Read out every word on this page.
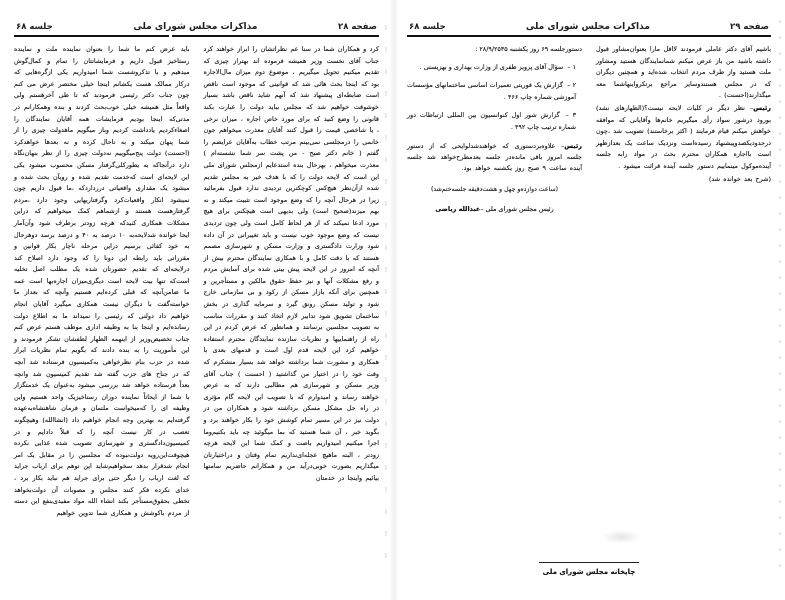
صفحه ۲۸
مذاکرات مجلس شورای ملی
جلسه ۶۸

کرد و همکاران شما در سنا عم نظراتشان را ابراز خواهند کرد جناب آقای نخست وزیر همیشه فرموده اند بهتراز چیزی که تقدیم میکنیم تحویل میگیریم ، موضوع دوم میزان مال‌الاجاره بود که اینجا بحث هائی شد که قوانینی که موجود است ناقص است ضابطه‌ای پیشنهاد شد که آنهم شاید ناقص باشد بسیار خوشوقت خواهیم شد که مجلس بباید دولت را عبارت بکند قانونی را وضع کنید که برای مورد خاص اجاره ، میزان نرخی ، یا شاخصی قیمت را قبول کنند آقایان معذرت میخواهم جون خانمی را درمجلسی نمی‌بینم مرتب خطاب به‌آقایان عرایضم را گفتم ( خانم دکتر صبح - من پشت سر شما نشسته‌ام ) معذرت میخواهم ، بهرحال بنده استدعایم ازمجلس شورای ملی این است که لایحه دولت را که با هدف خیر به مجلس تقدیم شده ازآن‌نظر هیچ‌کس کوچکترین تردیدی ندارد قبول بفرمائید زیرا در هرحال آنچه را که وضع موجود است تثبیت میکند و نه بهم میزند(صحیح است) ولی بدیهی است هیچکس برای هیچ مورد ادعا نمیکند که از هر لحاظ کامل است ولی چون تردیدی نیست که وضع موجود خوب نیست و باید تغییراتی در آن داده شود وزارت دادگستری و وزارت مسکن و شهرسازی مصمم هستند که با دقت کامل و با همکاری نمایندگان محترم بیش از آنچه که امروز در این لایحه پیش بینی شده برای آسایش مردم و رفع مشکلات آنها و نیز حفظ حقوق مالکین و مستأجرین و همچنین برای آنکه بازار مسکن از رکود و بی سازمانی خارج شود و تولید مسکن رونق گیرد و سرمایه گذاری در بخش ساختمان تشویق شود تدابیر لازم اتخاذ کنند و مقررات مناسب به تصویب مجلسین برسانند و همانطور که عرض کردم در این راه از راهنماییها و نظریات سازنده نمایندگان محترم استفاده خواهیم کرد این لایحه قدم اول است و قدمهای بعدی با همکاری و مشورت شما برداشته خواهد شد بسیار متشکرم که وقت خود را در اختیار من گذاشتید ( احسنت ) جناب آقای وزیر مسکن و شهرسازی هم مطالبی دارند که به عرض خواهند رساند و امیدوارم که با تصویب این لایحه گام مؤثری در راه حل مشکل مسکن برداشته شود و همکاران من در دولت نیز در این مسیر تمام کوشش خود را بکار خواهند برد و بگوید خبر ، آن شما هستید که بما میگوئید چه باید بکنیم‌وما اجرا میکنیم امیدواریم باصت و کمک شما این لایحه هرچه زودتر ، البته ماهیچ عجله‌ای‌نداریم تمام وقتان و دراختیارتان میگذاریم بصورت خوبی‌درآید من و همکارانم حاضریم سامتها بیائیم واینجا در خدمتان

باید عرض کنم ما شما را بعنوان نماینده ملت و نماینده رستاخیز قبول داریم و فرمایشاتتان را تمام و کمال‌گوش میدهیم و با تذکروشست شما امیدواریم یکی ازگره‌هایی که درکار ممالک هست یکشانم اینجا خیلی مختصر عرض می کنم چون جناب دکتر رئیسی فرمودند که تا طی آخرهستم ولی واقعاً مثل همیشه خیلی خوب‌بحث کردند و بنده وهمکارانم در مدتی‌که اینجا بودیم فرمایشات همه آقایان نمایندگان را اصغاء‌کردیم یادداشت کردیم وباز میگویم ماهدولت چیزی را از شما پنهان میکند و به ناحال کرده و نه بعدها خواهدکرد (احسنت) دولت پنج‌میگوییم نه‌دولت چیزی را از نظر بنهان‌نگاه دارد درآنجاکه به یطورکلی‌گرفتار مسکن محسوب میشود یکی این لایحه‌ای است که‌خدمت تقدیم شده و رویآن بحث شده و میشود یک مقداری واقعیاتی دررداردکه ،ما قبول داریم چون نمیشود انکار واقعیات‌کرد وگرفتاریهایی وجود دارد ،مردم گرفتارهست هستند و ازشما‌هم کمک میخواهیم که دراین مشکلات همکاری کنیدکه هرچه زودتر برطرف شود وآن‌آمار ایحا خوانده شدلایحه‌به ۱۰ درصد به ۴۰ و درصد برسد دوهرحال به خود کفائی برسیم دراین مرحله ناچار بکار قوانین و مقرراتی باید رابطه این دونا را که وجود دارد اصلاح کند درلایحه‌ای که تقدیم حضورتان شده یک مطلب اصل تخلیه است‌که تنها بیت لایحه است دیگری‌میزان اجاره‌بها است عمه ما ضامن‌آنچه که قبلی کرده‌ایم هستیم وآنچه که بعداز ما خواسته‌گفت با دیگران نیست همکاری میگیرد آقایان انجام خواهیم داد دولتی که رئیسی را نمیداند ما به اطلاع دولت رسانده‌ایم و اینجا بنا به وظیفه اداری موظف هستم عرض کنم جناب تخصیص‌وزیر از اینهمه الطهار لطفشان تشکر فرمودند و این مأموریت را به بنده دادند که بگویم تمام نظریات ابراز شده در حزب بنام نظرخواهی به‌کمیسیون فرستاده شد آنچه که در جناح های حزب گفته شد تقدیم کمیسیون شد وانچه بعداً فرستاده خواهد شد بررسی میشود به‌عنوان یک خدمتگزار با شما از ایحاتاً نماینده دوران رستاخیزیک واحد هستیم واین وظیفه ای را که‌میخواست ملتمان و فرمان شاهنشاه‌به‌عهده گرفته‌ایم به بهترین وجه انجام خواهیم داد (انشاالله) وهیچگونه تعصب در کار نیست آنچه را که قبلاً دادایم و در کمیسیون‌دادگستری و شهرسازی تصویب شده غذایی نکرده هیچوقت‌این‌رویه دولت‌نبوده که مجلسین را در مقابل یک امر انجام شدقرار بدهد سخواهیم‌شاید این توهم برای ارباب جراید که لغت ارباب را دیگر حتی برای جراید هم نباید بکار برد ، خدای نکرده فکر کنند مجلس و مصوبات آن دولت‌بخواهد تخطی بحقوق‌مستأجر بکند انشاء الله مواد مفیدی‌بنفع این دسته از مردم باکوشش و همکاری شما تدوین خواهیم

صفحه ۲۹
مذاکرات مجلس شورای ملی
جلسه ۶۸

باشیم آقای دکتر عاملی فرمودند لااقل مارا بعنوان‌مشاور قبول داشته باشید من باز عرض میکنم شما‌نمایندگان هستید ومشاور ملت هستید واز طرف مردم انتخاب شده‌اید و همچنین دیگران که در مجلس هستندوسایر مراجع برتکرواینهاشما معه میگذارند(احسنت) .

رئیس– نظر دیگر در کلیات لایحه نیست؟(الظهارهای نشد) بورود درشور سواد رأی میگیریم خانم‌ها وآقایانی که موافقه خواهش میکنم قیام فرمایند ( اکثر برخاستند) تصویب شد ،چون درحدود‌یکصد‌وپیشنهاد رسیده‌است ونزدیک ساعت یک بعدازظهر است بااجازه همکاران محترم بحث در مواد رابه جلسه آینده‌موکول مینماییم دستور جلسه آینده قرائت میشود .

(شرح بعد خوانده شد)

دستورجلسه ۶۹ روز یکشنبه ۲۸/۹/۲۵۳۵ :

۱ – سؤال آقای پرویز ظفری از وزارت بهداری و بهزیستی .

۲ – گزارش یک فوریتی تعمیرات اساسی ساختمانهای مؤسسات آموزشی شماره چاپ ۴۶۶ .

۳ – گزارش شور اول کنوانسیون بین المللی ارتباطات دور شماره ترتیب چاپ ۴۹۲ .

رئیس– علاوه‌بردستوری که خواهندشدلوایحی که از دستور جلسه امروز باقی مانده‌در جلسه بعدمطرح‌خواهد شد جلسه آینده ساعت ۹ صبح روز یکشنبه خواهد بود.

(ساعت دوازده‌و چهل و هشت‌دقیقه جلسه‌ختم‌شد)

رئیس مجلس شورای ملی –عبدالله ریاضی

چاپخانه مجلس شورای ملی
